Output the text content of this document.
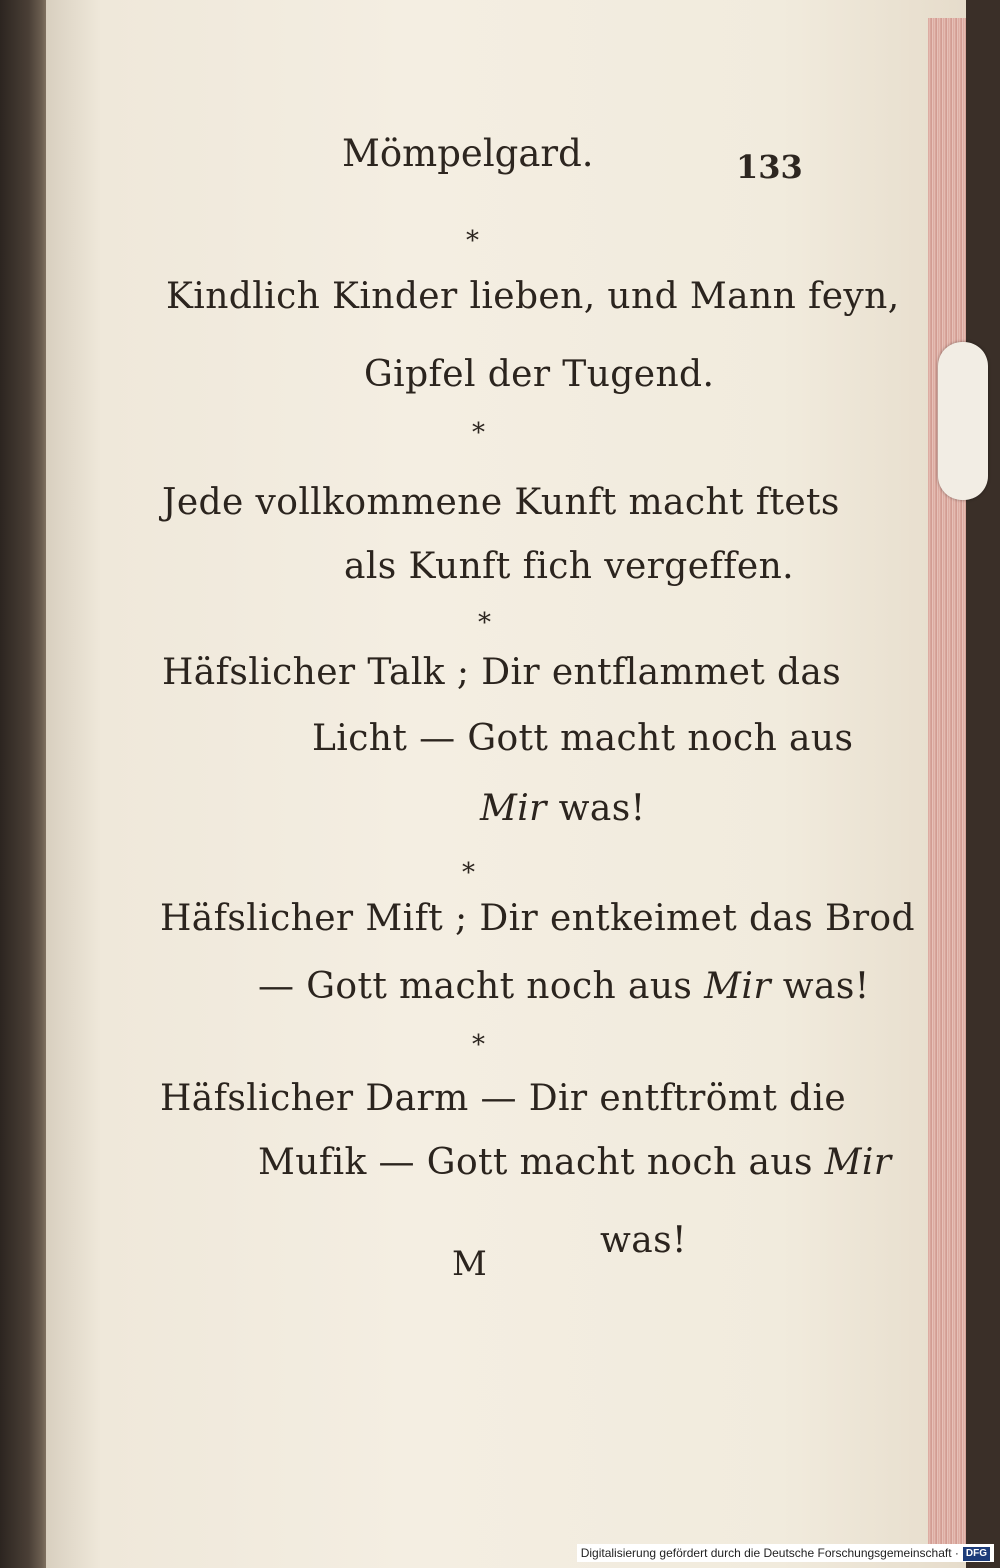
Mömpelgard.	133
*
Kindlich Kinder lieben, und Mann feyn,
Gipfel der Tugend.
*
Jede vollkommene Kunft macht ftets
als Kunft fich vergeffen.
*
Häfslicher Talk ; Dir entflammet das
Licht — Gott macht noch aus
Mir was!
*
Häfslicher Mift ; Dir entkeimet das Brod
— Gott macht noch aus Mir was!
*
Häfslicher Darm — Dir entftrömt die
Mufik — Gott macht noch aus Mir
was!
M
Digitalisierung gefördert durch die Deutsche Forschungsgemeinschaft · DFG
